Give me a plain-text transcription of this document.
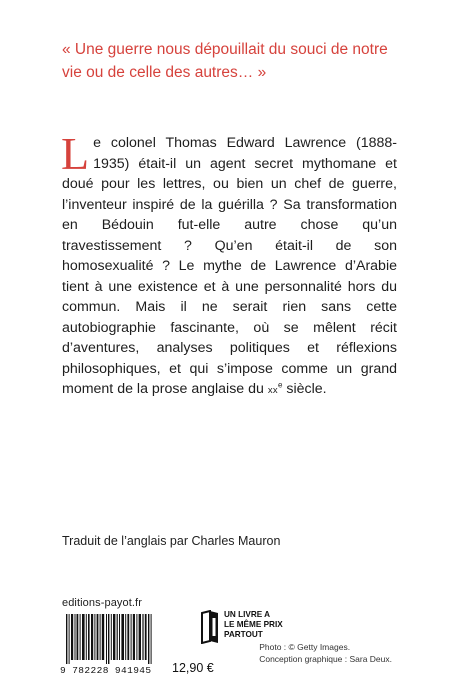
« Une guerre nous dépouillait du souci de notre vie ou de celle des autres… »
Le colonel Thomas Edward Lawrence (1888-1935) était-il un agent secret mythomane et doué pour les lettres, ou bien un chef de guerre, l’inventeur inspiré de la guérilla ? Sa transformation en Bédouin fut-elle autre chose qu’un travestissement ? Qu’en était-il de son homosexualité ? Le mythe de Lawrence d’Arabie tient à une existence et à une personnalité hors du commun. Mais il ne serait rien sans cette autobiographie fascinante, où se mêlent récit d’aventures, analyses politiques et réflexions philosophiques, et qui s’impose comme un grand moment de la prose anglaise du $xx^e$ siècle.
Traduit de l’anglais par Charles Mauron
editions-payot.fr
9 782228 941945	12,90 €
UN LIVRE A
LE MÊME PRIX
PARTOUT
Photo : © Getty Images.
Conception graphique : Sara Deux.
